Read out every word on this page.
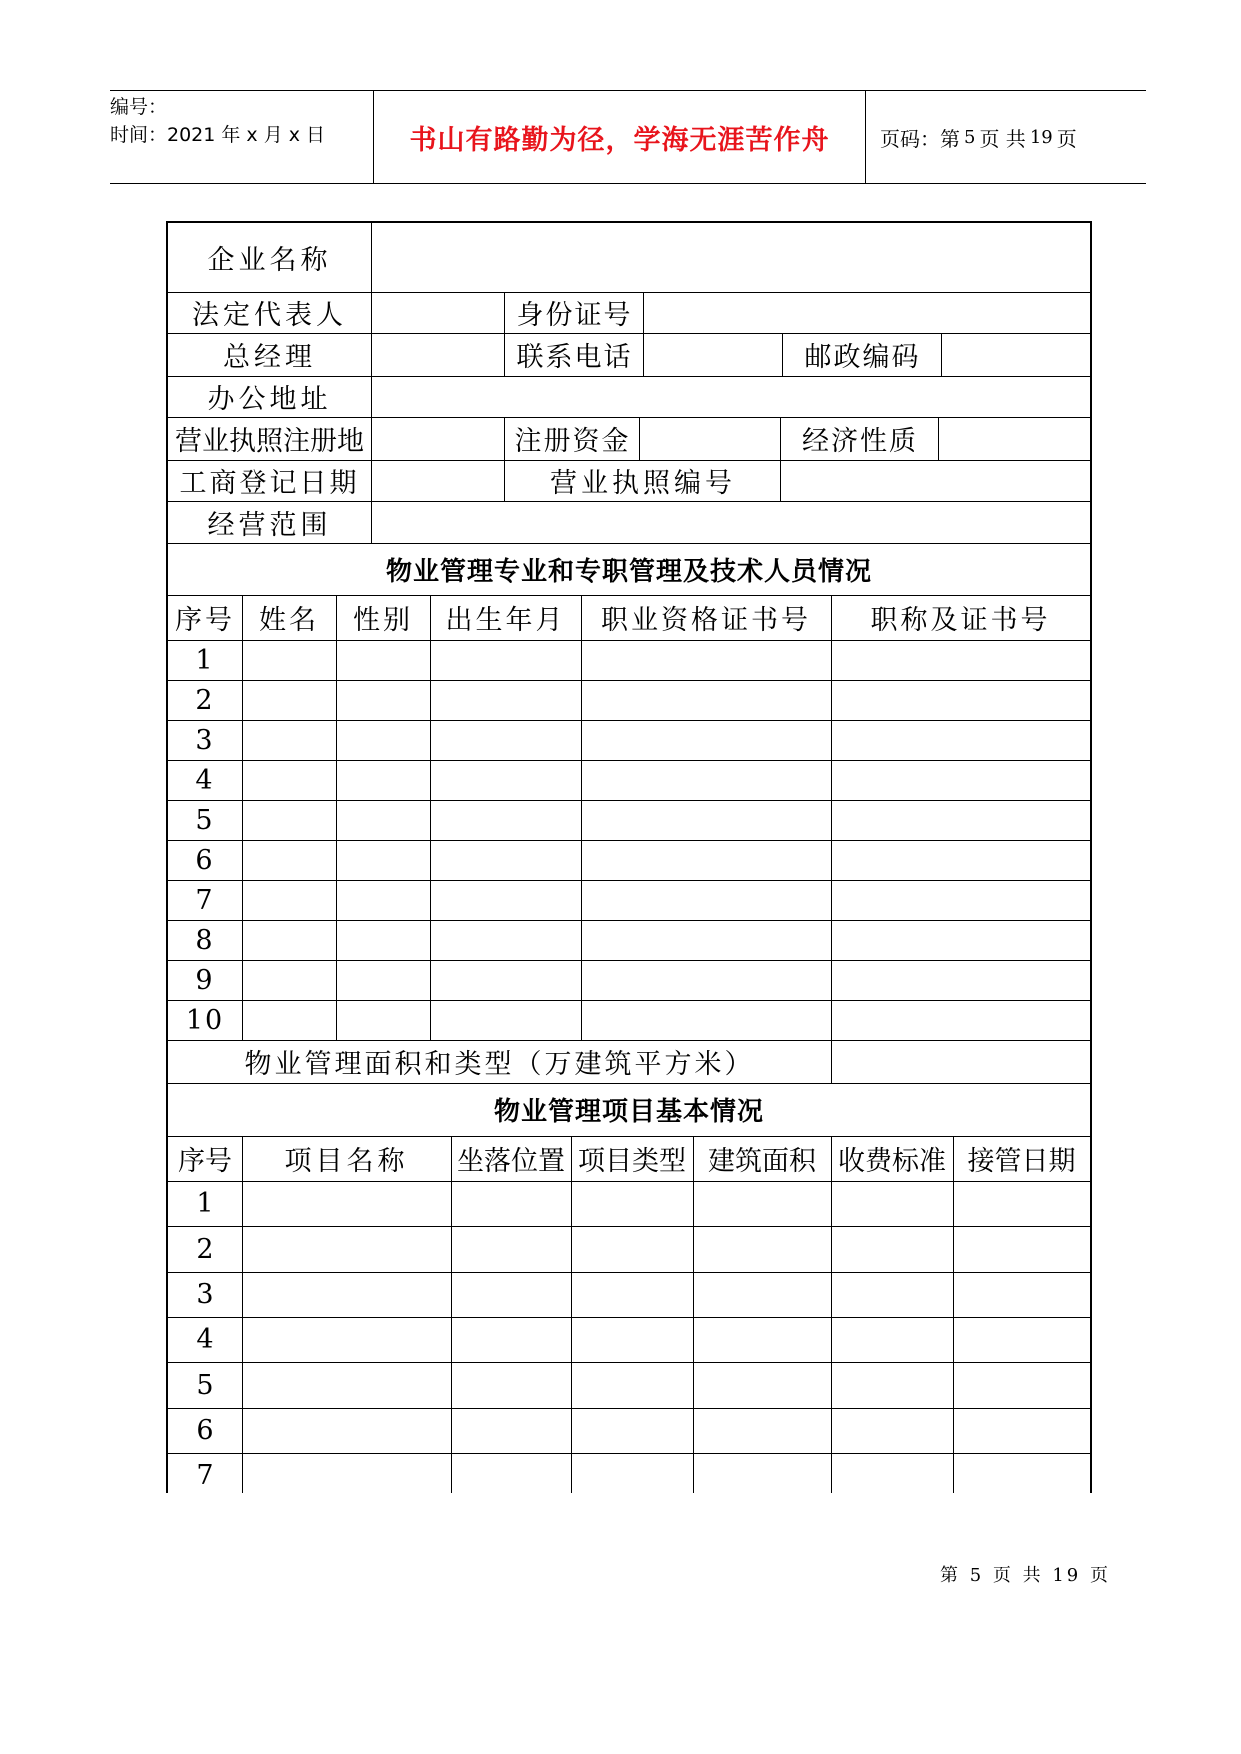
编号：
时间：2021 年 x 月 x 日	书山有路勤为径，学海无涯苦作舟	页码：第 5 页 共 19 页
企业名称
法定代表人	身份证号
总经理	联系电话	邮政编码
办公地址
营业执照注册地	注册资金	经济性质
工商登记日期	营业执照编号
经营范围
物业管理专业和专职管理及技术人员情况
序号 姓名	性别	出生年月	职业资格证书号	职称及证书号
1
2
3
4
5
6
7
8
9
10
物业管理面积和类型（万建筑平方米）
物业管理项目基本情况
序号	项目名称	坐落位置 项目类型 建筑面积 收费标准 接管日期
1
2
3
4
5
6
7
第 5 页 共 19 页
